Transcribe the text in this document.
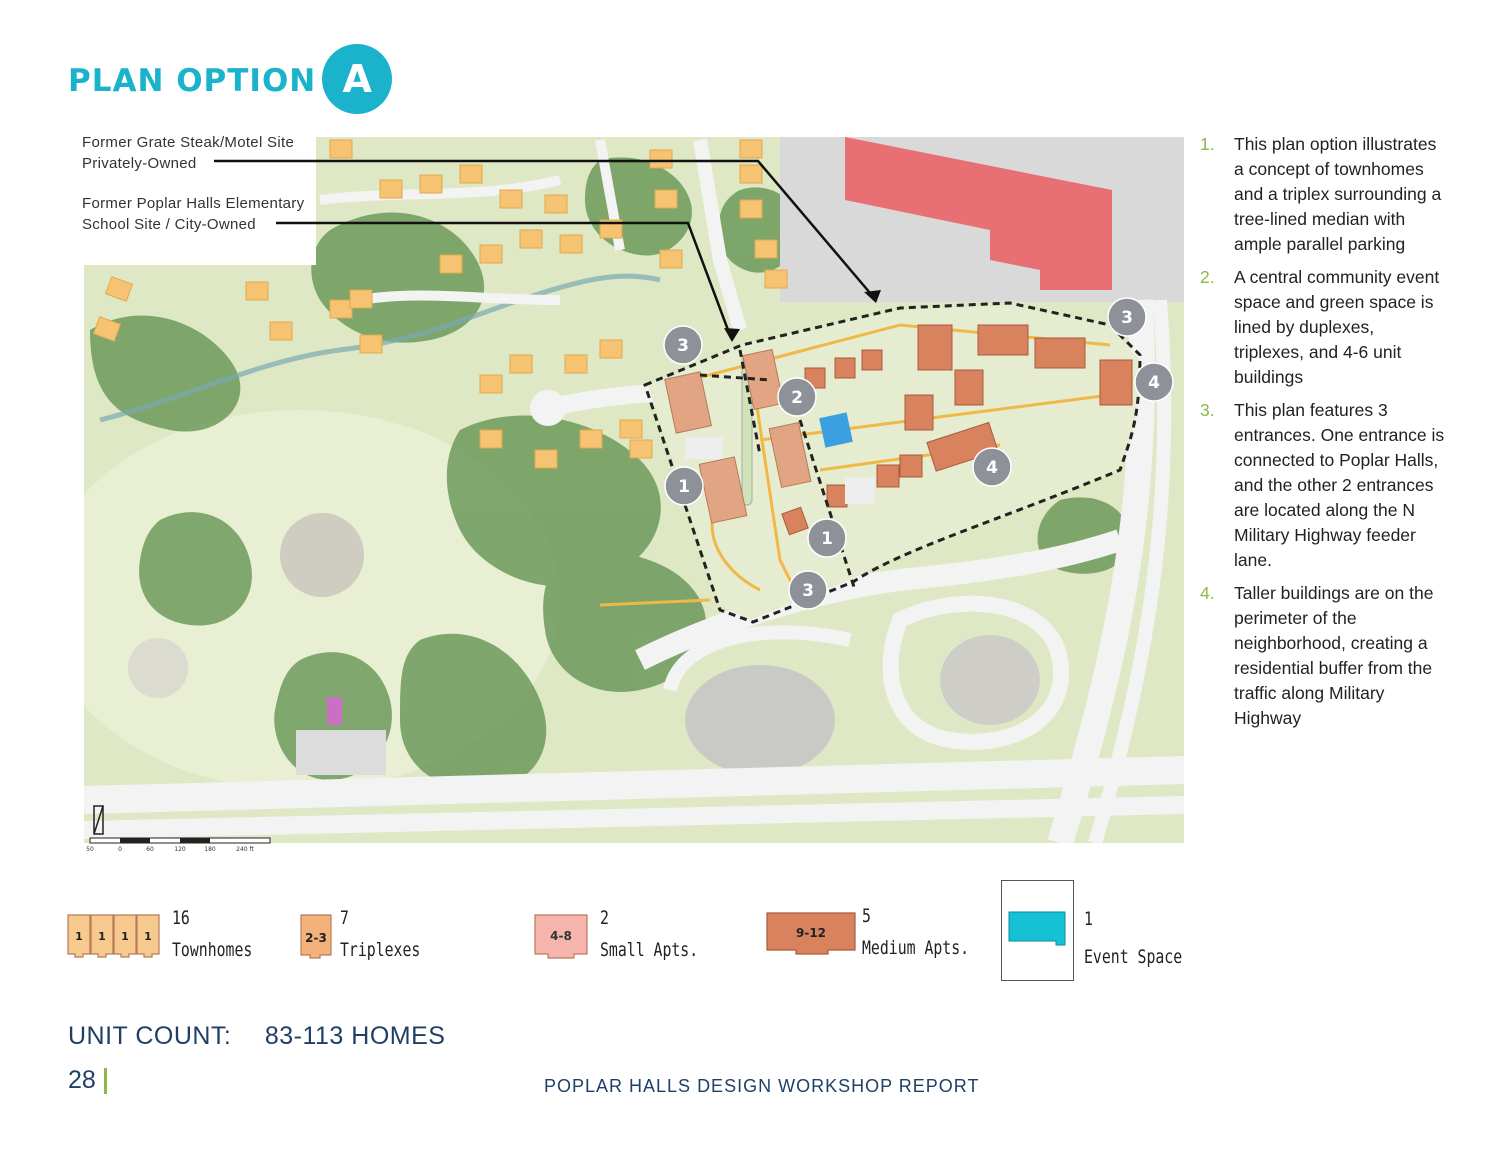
PLAN OPTION A
1
1
2
3
3
3
4
4
50	0	60	120	180	240 ft
Former Grate Steak/Motel Site
Privately-Owned
Former Poplar Halls Elementary
School Site / City-Owned
1. This plan option illustrates a concept of townhomes and a triplex surrounding a tree-lined median with ample parallel parking
2. A central community event space and green space is lined by duplexes, triplexes, and 4-6 unit buildings
3. This plan features 3 entrances. One entrance is connected to Poplar Halls, and the other 2 entrances are located along the N Military Highway feeder lane.
4. Taller buildings are on the perimeter of the neighborhood, creating a residential buffer from the traffic along Military Highway
1 1 1 1
16
Townhomes
2-3
7
Triplexes
4-8
2
Small Apts.
9-12
5
Medium Apts.
1
Event Space
UNIT COUNT: 83-113 HOMES
28	POPLAR HALLS DESIGN WORKSHOP REPORT
